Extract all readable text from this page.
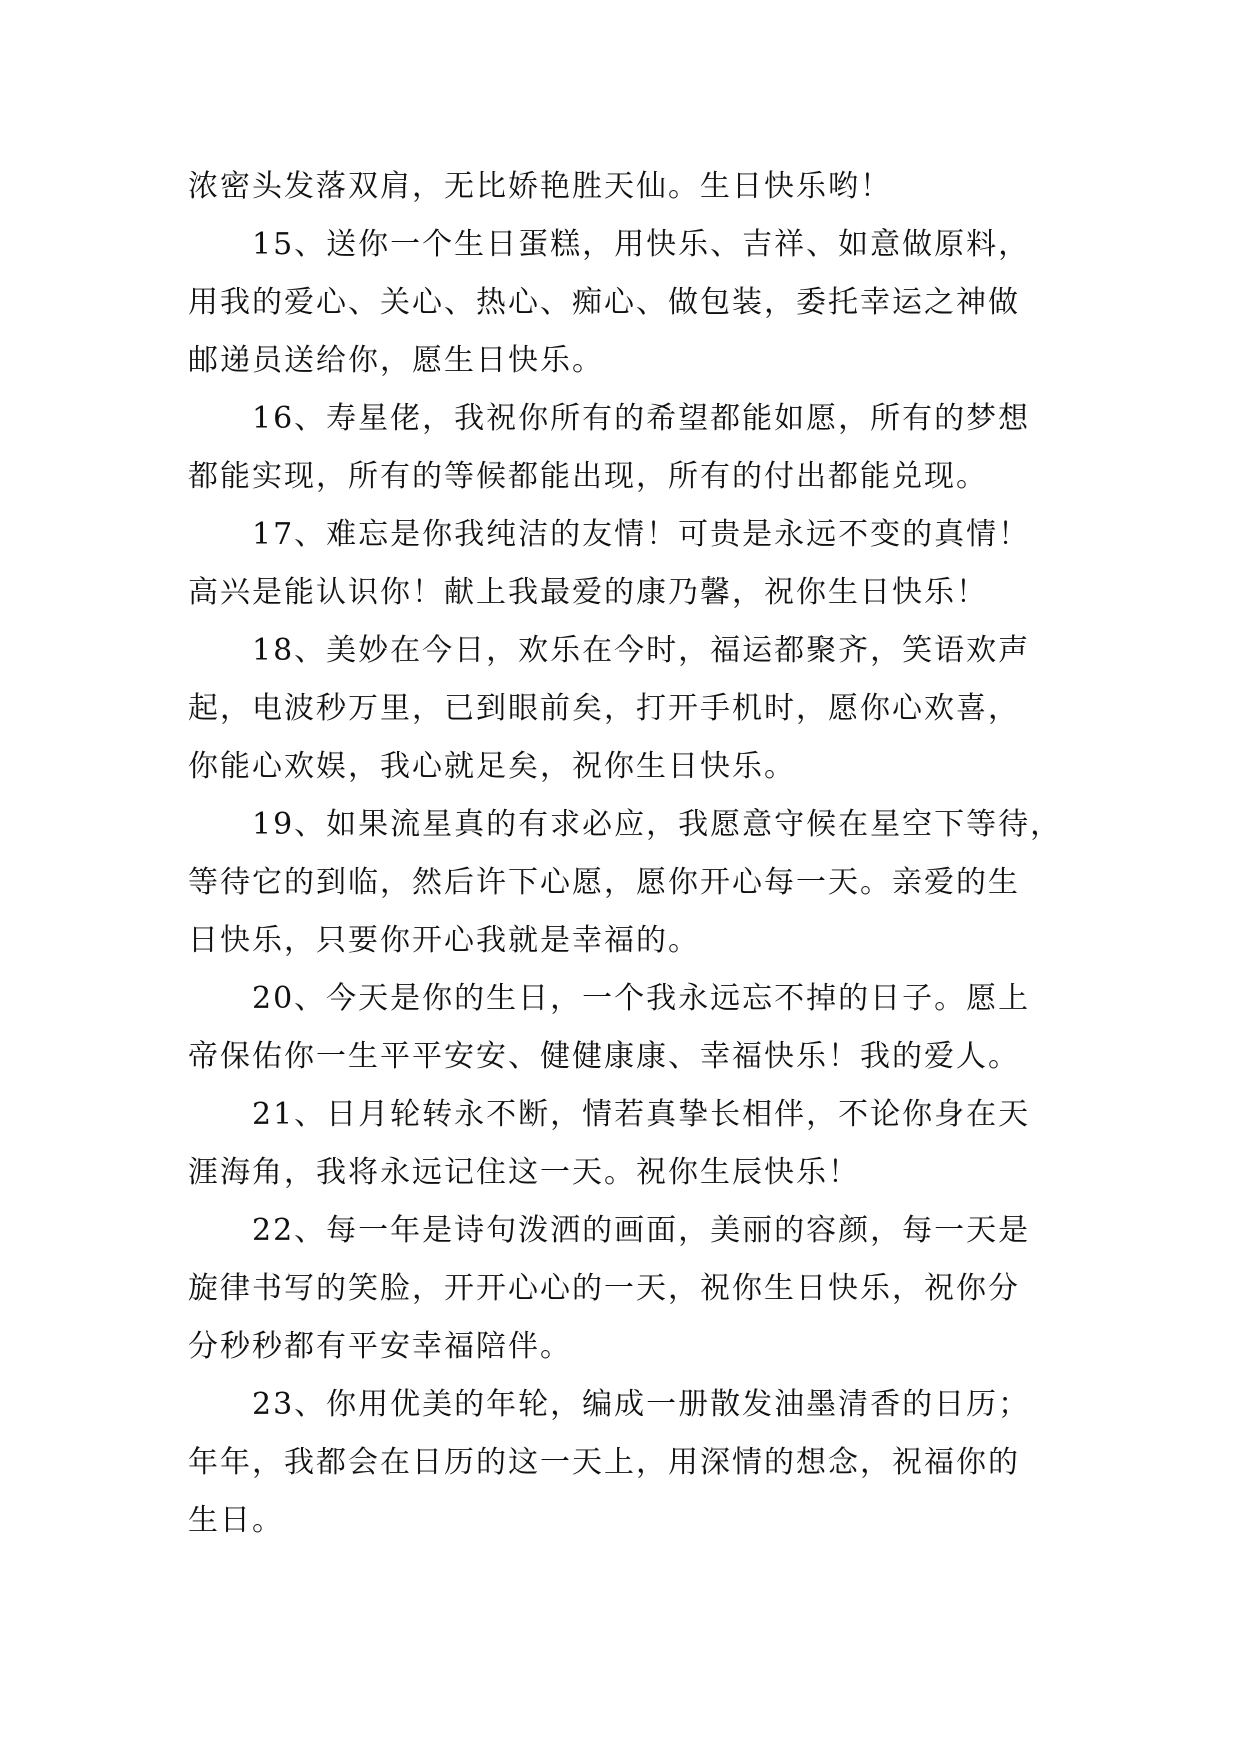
浓密头发落双肩，无比娇艳胜天仙。生日快乐哟！

15、送你一个生日蛋糕，用快乐、吉祥、如意做原料，
用我的爱心、关心、热心、痴心、做包装，委托幸运之神做
邮递员送给你，愿生日快乐。

16、寿星佬，我祝你所有的希望都能如愿，所有的梦想
都能实现，所有的等候都能出现，所有的付出都能兑现。

17、难忘是你我纯洁的友情！可贵是永远不变的真情！
高兴是能认识你！献上我最爱的康乃馨，祝你生日快乐！

18、美妙在今日，欢乐在今时，福运都聚齐，笑语欢声
起，电波秒万里，已到眼前矣，打开手机时，愿你心欢喜，
你能心欢娱，我心就足矣，祝你生日快乐。

19、如果流星真的有求必应，我愿意守候在星空下等待，
等待它的到临，然后许下心愿，愿你开心每一天。亲爱的生
日快乐，只要你开心我就是幸福的。

20、今天是你的生日，一个我永远忘不掉的日子。愿上
帝保佑你一生平平安安、健健康康、幸福快乐！我的爱人。

21、日月轮转永不断，情若真挚长相伴，不论你身在天
涯海角，我将永远记住这一天。祝你生辰快乐！

22、每一年是诗句泼洒的画面，美丽的容颜，每一天是
旋律书写的笑脸，开开心心的一天，祝你生日快乐，祝你分
分秒秒都有平安幸福陪伴。

23、你用优美的年轮，编成一册散发油墨清香的日历；
年年，我都会在日历的这一天上，用深情的想念，祝福你的
生日。
